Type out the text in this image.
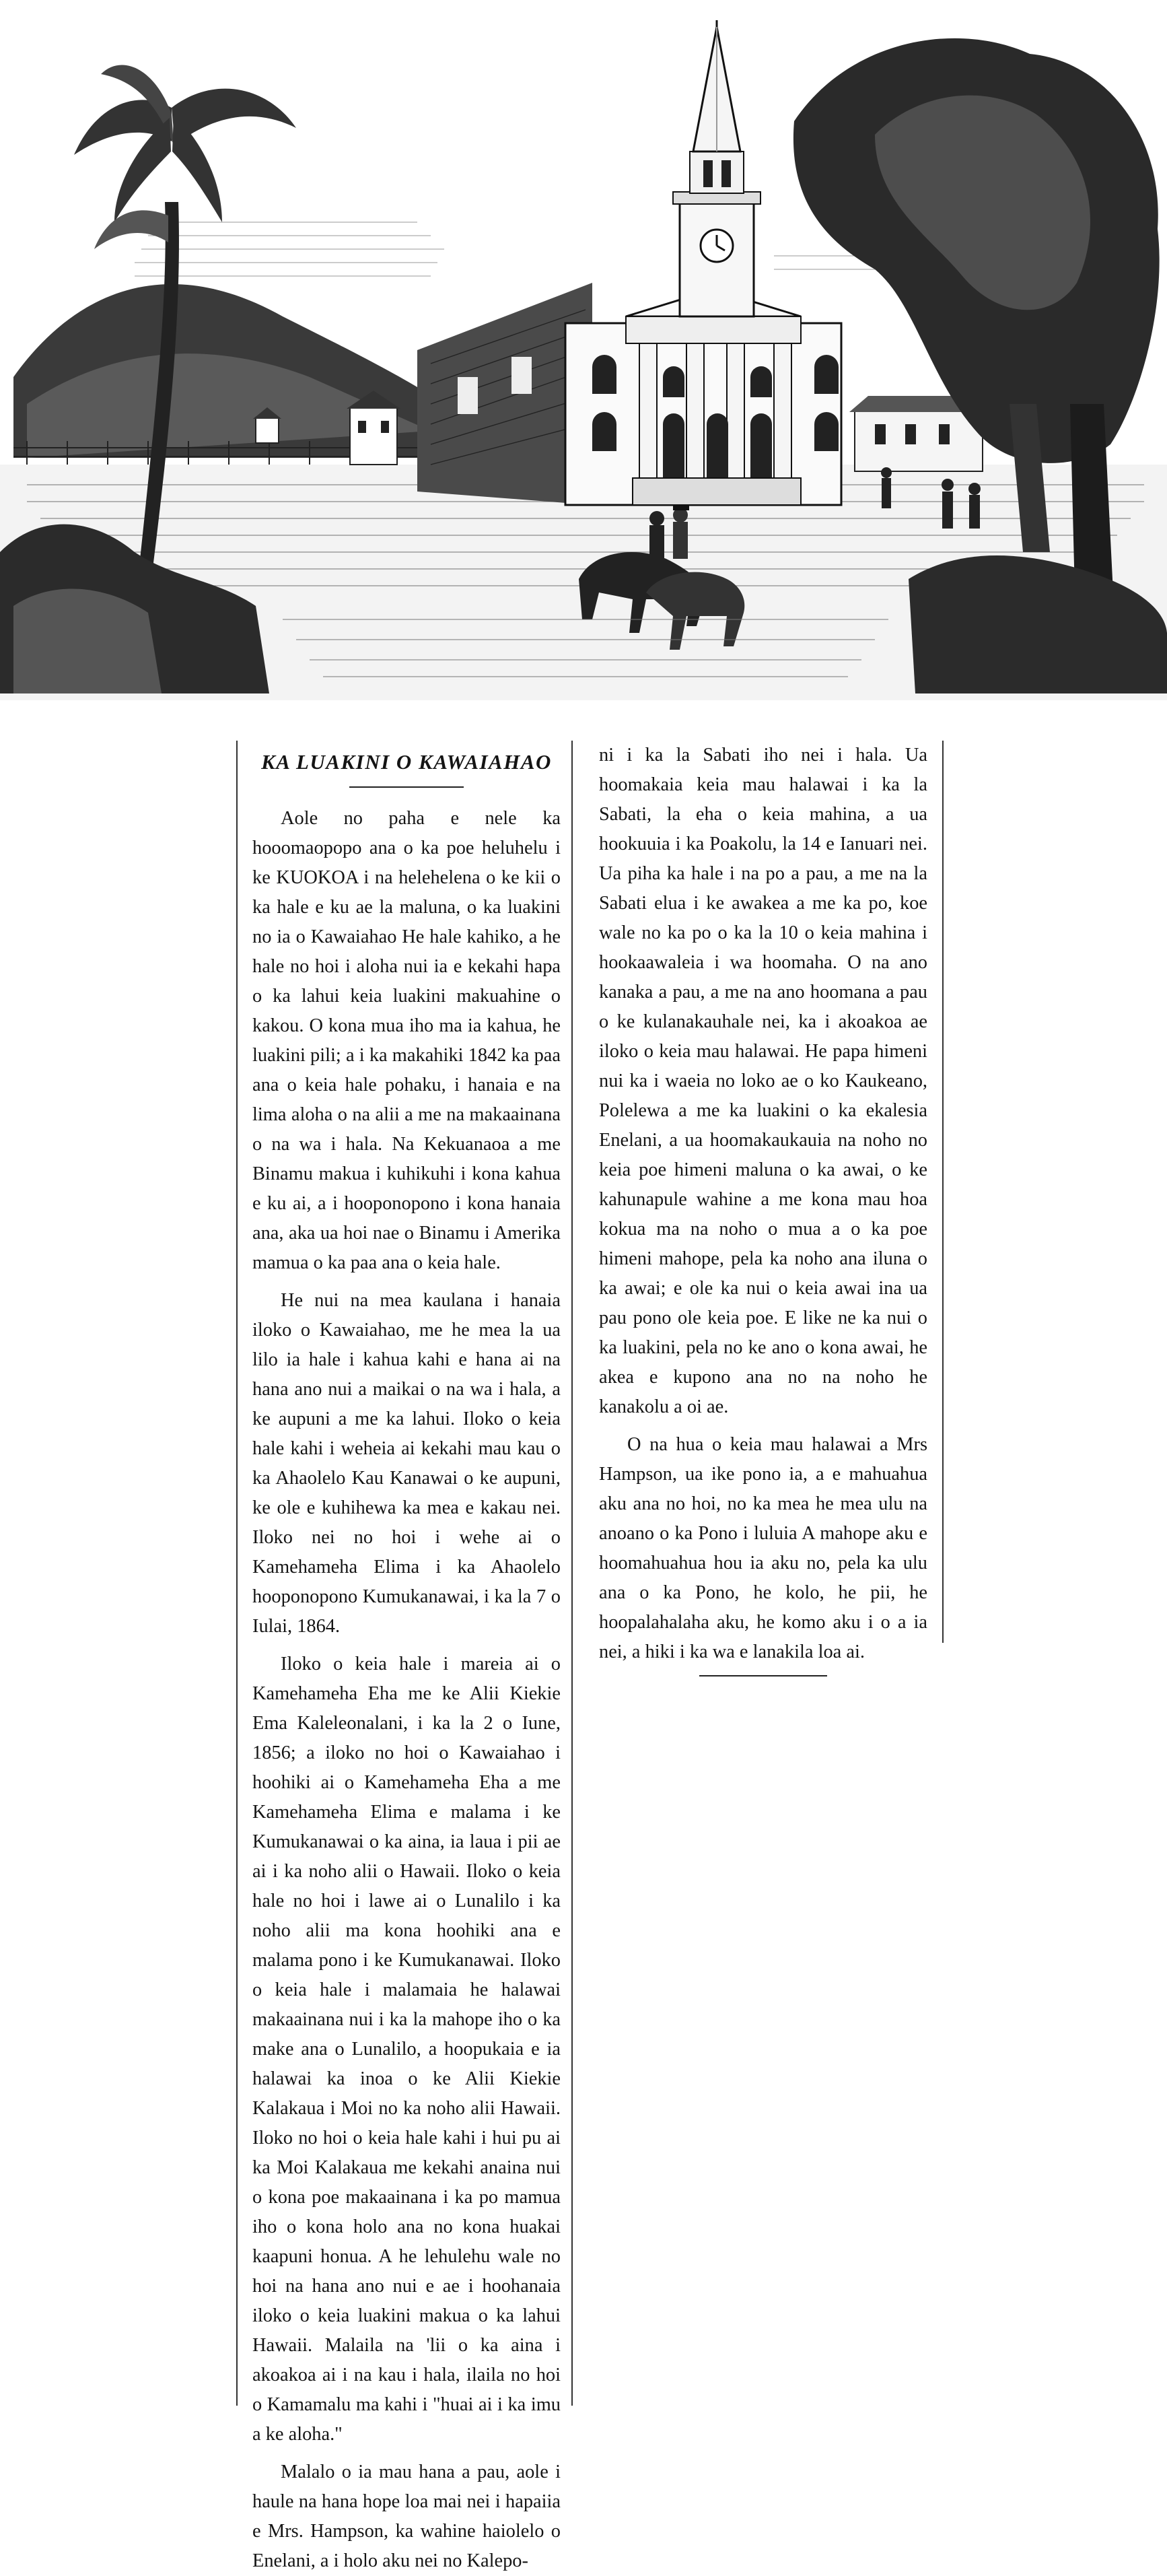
KA LUAKINI O KAWAIAHAO

Aole no paha e nele ka hooomaopopo ana o ka poe heluhelu i ke KUOKOA i na helehelena o ke kii o ka hale e ku ae la maluna, o ka luakini no ia o Kawaiahao He hale kahiko, a he hale no hoi i aloha nui ia e kekahi hapa o ka lahui keia luakini makuahine o kakou. O kona mua iho ma ia kahua, he luakini pili; a i ka makahiki 1842 ka paa ana o keia hale pohaku, i hanaia e na lima aloha o na alii a me na makaainana o na wa i hala. Na Kekuanaoa a me Binamu makua i kuhikuhi i kona kahua e ku ai, a i hooponopono i kona hanaia ana, aka ua hoi nae o Binamu i Amerika mamua o ka paa ana o keia hale.

He nui na mea kaulana i hanaia iloko o Kawaiahao, me he mea la ua lilo ia hale i kahua kahi e hana ai na hana ano nui a maikai o na wa i hala, a ke aupuni a me ka lahui. Iloko o keia hale kahi i weheia ai kekahi mau kau o ka Ahaolelo Kau Kanawai o ke aupuni, ke ole e kuhihewa ka mea e kakau nei. Iloko nei no hoi i wehe ai o Kamehameha Elima i ka Ahaolelo hooponopono Kumukanawai, i ka la 7 o Iulai, 1864.

Iloko o keia hale i mareia ai o Kamehameha Eha me ke Alii Kiekie Ema Kaleleonalani, i ka la 2 o Iune, 1856; a iloko no hoi o Kawaiahao i hoohiki ai o Kamehameha Eha a me Kamehameha Elima e malama i ke Kumukanawai o ka aina, ia laua i pii ae ai i ka noho alii o Hawaii. Iloko o keia hale no hoi i lawe ai o Lunalilo i ka noho alii ma kona hoohiki ana e malama pono i ke Kumukanawai. Iloko o keia hale i malamaia he halawai makaainana nui i ka la mahope iho o ka make ana o Lunalilo, a hoopukaia e ia halawai ka inoa o ke Alii Kiekie Kalakaua i Moi no ka noho alii Hawaii. Iloko no hoi o keia hale kahi i hui pu ai ka Moi Kalakaua me kekahi anaina nui o kona poe makaainana i ka po mamua iho o kona holo ana no kona huakai kaapuni honua. A he lehulehu wale no hoi na hana ano nui e ae i hoohanaia iloko o keia luakini makua o ka lahui Hawaii. Malaila na 'lii o ka aina i akoakoa ai i na kau i hala, ilaila no hoi o Kamamalu ma kahi i "huai ai i ka imu a ke aloha."

Malalo o ia mau hana a pau, aole i haule na hana hope loa mai nei i hapaiia e Mrs. Hampson, ka wahine haiolelo o Enelani, a i holo aku nei no Kalepo-

ni i ka la Sabati iho nei i hala. Ua hoomakaia keia mau halawai i ka la Sabati, la eha o keia mahina, a ua hookuuia i ka Poakolu, la 14 e Ianuari nei. Ua piha ka hale i na po a pau, a me na la Sabati elua i ke awakea a me ka po, koe wale no ka po o ka la 10 o keia mahina i hookaawaleia i wa hoomaha. O na ano kanaka a pau, a me na ano hoomana a pau o ke kulanakauhale nei, ka i akoakoa ae iloko o keia mau halawai. He papa himeni nui ka i waeia no loko ae o ko Kaukeano, Polelewa a me ka luakini o ka ekalesia Enelani, a ua hoomakaukauia na noho no keia poe himeni maluna o ka awai, o ke kahunapule wahine a me kona mau hoa kokua ma na noho o mua a o ka poe himeni mahope, pela ka noho ana iluna o ka awai; e ole ka nui o keia awai ina ua pau pono ole keia poe. E like ne ka nui o ka luakini, pela no ke ano o kona awai, he akea e kupono ana no na noho he kanakolu a oi ae.

O na hua o keia mau halawai a Mrs Hampson, ua ike pono ia, a e mahuahua aku ana no hoi, no ka mea he mea ulu na anoano o ka Pono i luluia A mahope aku e hoomahuahua hou ia aku no, pela ka ulu ana o ka Pono, he kolo, he pii, he hoopalahalaha aku, he komo aku i o a ia nei, a hiki i ka wa e lanakila loa ai.
